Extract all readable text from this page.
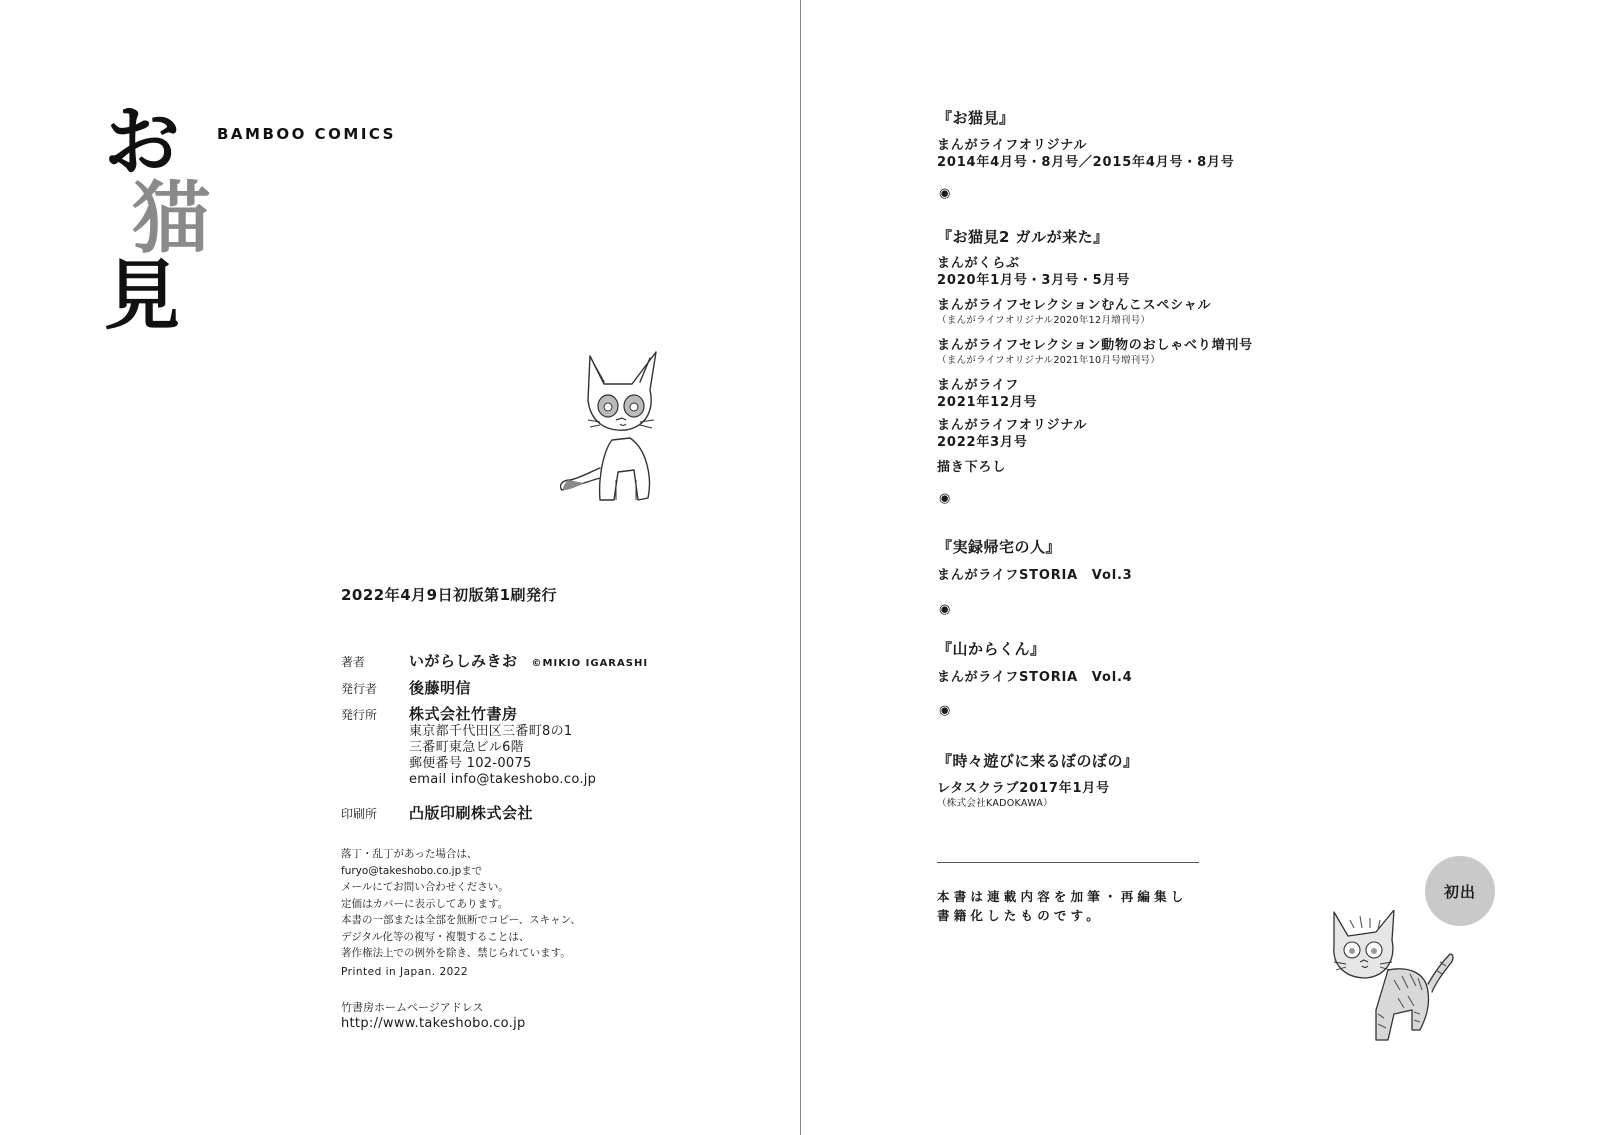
お
猫
見
BAMBOO COMICS
2022年4月9日初版第1刷発行
著者	いがらしみきお ©MIKIO IGARASHI
発行者	後藤明信
発行所	株式会社竹書房
東京都千代田区三番町8の1
三番町東急ビル6階
郵便番号 102-0075
email info@takeshobo.co.jp
印刷所	凸版印刷株式会社
落丁・乱丁があった場合は、
furyo@takeshobo.co.jpまで
メールにてお問い合わせください。
定価はカバーに表示してあります。
本書の一部または全部を無断でコピー、スキャン、
デジタル化等の複写・複製することは、
著作権法上での例外を除き、禁じられています。
Printed in Japan. 2022
竹書房ホームページアドレス
http://www.takeshobo.co.jp
『お猫見』
まんがライフオリジナル
2014年4月号・8月号／2015年4月号・8月号
◉
『お猫見2 ガルが来た』
まんがくらぶ
2020年1月号・3月号・5月号
まんがライフセレクションむんこスペシャル
（まんがライフオリジナル2020年12月増刊号）
まんがライフセレクション動物のおしゃべり増刊号
（まんがライフオリジナル2021年10月号増刊号）
まんがライフ
2021年12月号
まんがライフオリジナル
2022年3月号
描き下ろし
◉
『実録帰宅の人』
まんがライフSTORIA　Vol.3
◉
『山からくん』
まんがライフSTORIA　Vol.4
◉
『時々遊びに来るぼのぼの』
レタスクラブ2017年1月号
（株式会社KADOKAWA）
本書は連載内容を加筆・再編集し
書籍化したものです。
初出
